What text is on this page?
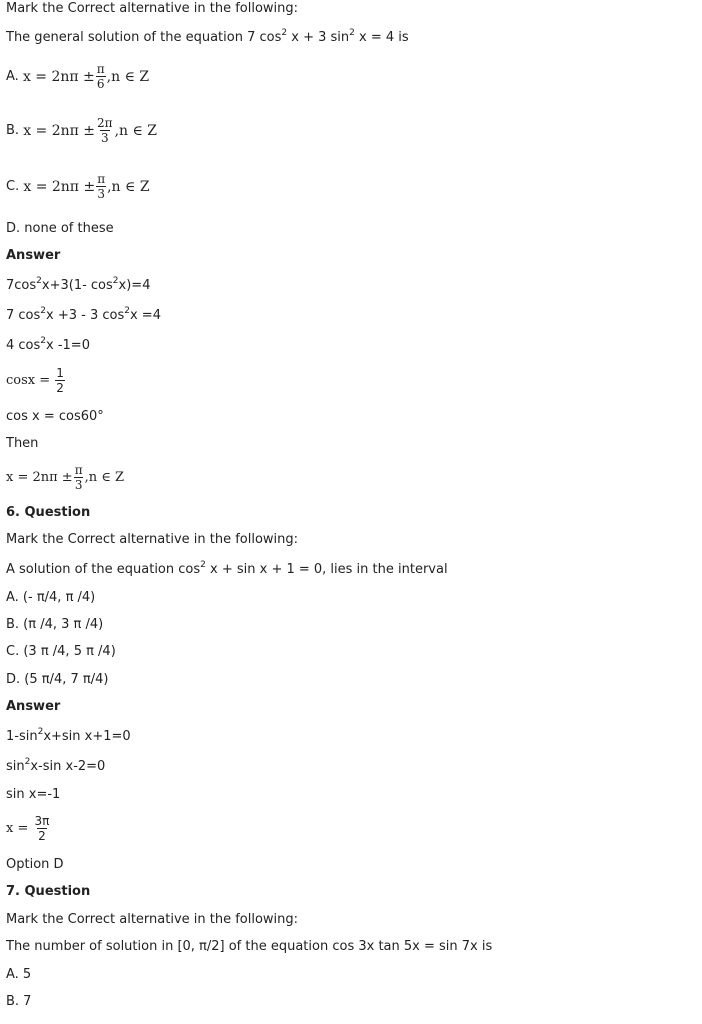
Mark the Correct alternative in the following:
The general solution of the equation 7 $\cos^2 x + 3$ $\sin^2 x = 4$ is
A.
$x = 2n\pi \pm \frac{\pi}{6} ,n$ ∈ Z
B.
$x = 2n\pi \pm \frac{2\pi}{3} ,n$ ∈ Z
C.
$x = 2n\pi \pm \frac{\pi}{3} ,n$ ∈ Z
D. none of these
Answer
$7\cos^2x+3(1-$ $\cos^2x)=4$
7 $\cos^2x +3 - 3$ $\cos^2x =4$
4 $\cos^2x$ -1=0
cosx =
$\frac{1}{2}$
cos x = cos60°
Then
$x = 2n\pi \pm \frac{\pi}{3} ,n$ ∈ Z
6. Question
Mark the Correct alternative in the following:
A solution of the equation $\cos^2 x + \sin x + 1 = 0$, lies in the interval
A. (- π/4, π /4)
B. (π /4, 3 π /4)
C. (3 π /4, 5 π /4)
D. (5 π/4, 7 π/4)
Answer
$1-\sin^2x+\sin$ x+1=0
$\sin^2x-\sin$ x-2=0
sin x=-1
x =
$\frac{3\pi}{2}$
Option D
7. Question
Mark the Correct alternative in the following:
The number of solution in [0, π/2] of the equation cos 3x tan 5x = sin 7x is
A. 5
B. 7
